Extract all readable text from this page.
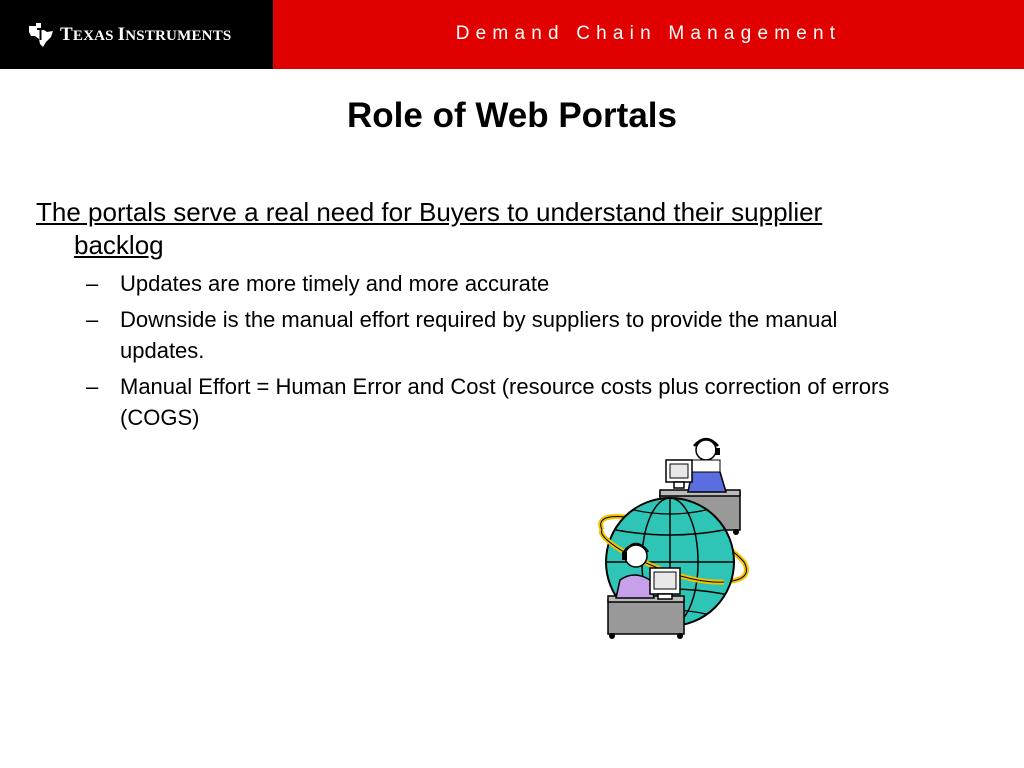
TEXAS INSTRUMENTS	Demand Chain Management
Role of Web Portals
The portals serve a real need for Buyers to understand their supplier backlog
– Updates are more timely and more accurate
– Downside is the manual effort required by suppliers to provide the manual updates.
– Manual Effort = Human Error and Cost (resource costs plus correction of errors (COGS)
